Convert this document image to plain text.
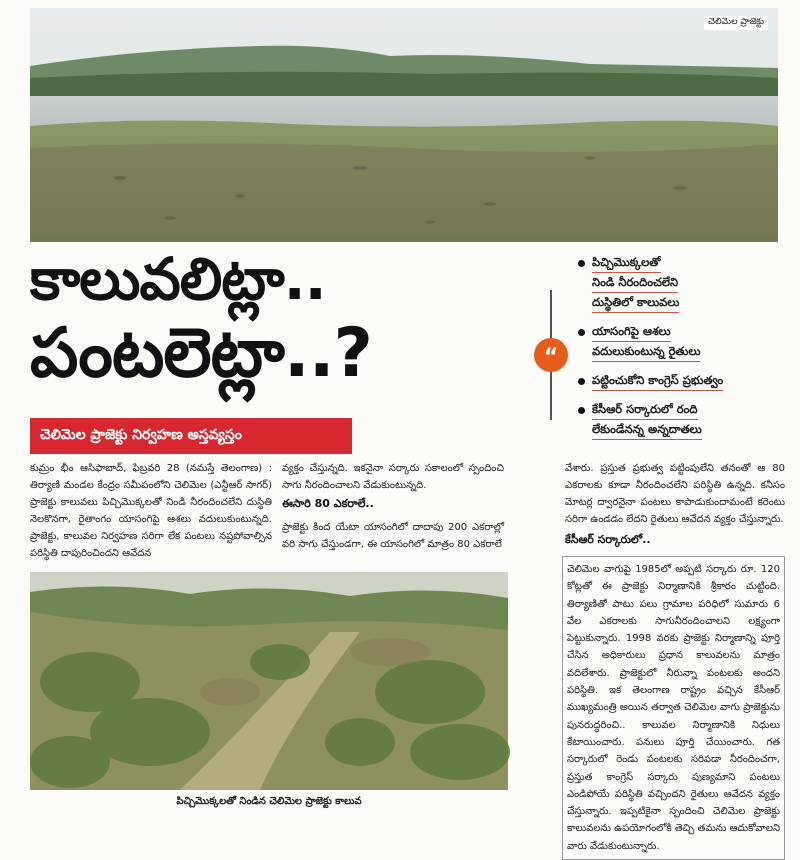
చెలిమెల ప్రాజెక్టు
కాలువలిట్లా..
పంటలెట్లా..?
చెలిమెల ప్రాజెక్టు నిర్వహణ అస్తవ్యస్తం
“
పిచ్చిమొక్కలతో
నిండి నీరందించలేని
దుస్థితిలో కాలువలు
యాసంగిపై ఆశలు
వదులుకుంటున్న రైతులు
పట్టించుకోని కాంగ్రెస్ ప్రభుత్వం
కేసీఆర్ సర్కారులో రంది
లేకుండేనన్న అన్నదాతలు
కుమ్రం భీం ఆసిఫాబాద్, ఫిబ్రవరి 28 (నమస్తే తెలంగాణ) : తిర్యాణి మండల కేంద్రం సమీపంలోని చెలిమెల (ఎన్టీఆర్ సాగర్) ప్రాజెక్టు కాలువలు పిచ్చిమొక్కలతో నిండి నీరందించలేని దుస్థితి నెలకొనగా, రైతాంగం యాసంగిపై ఆశలు వదులుకుంటున్నది. ప్రాజెక్టు, కాలువల నిర్వహణ సరిగా లేక పంటలు నష్టపోవాల్సిన పరిస్థితి దాపురించిందని ఆవేదన
వ్యక్తం చేస్తున్నది. ఇకనైనా సర్కారు సకాలంలో స్పందించి సాగు నీరందించాలని వేడుకుంటున్నది.
ఈసారి 80 ఎకరాలే..
ప్రాజెక్టు కింద యేటా యాసంగిలో దాదాపు 200 ఎకరాల్లో వరి సాగు చేస్తుండగా, ఈ యాసంగిలో మాత్రం 80 ఎకరాలే
వేశారు. ప్రస్తుత ప్రభుత్వ పట్టింపులేని తనంతో ఆ 80 ఎకరాలకు కూడా నీరందించలేని పరిస్థితి ఉన్నది. కనీసం మోటర్ల ద్వారనైనా పంటలు కాపాడుకుందామంటే కరెంటు సరిగా ఉండడం లేదని రైతులు ఆవేదన వ్యక్తం చేస్తున్నారు.
కేసీఆర్ సర్కారులో..
చెలిమెల వాగుపై 1985లో అప్పటి సర్కారు రూ. 120 కోట్లతో ఈ ప్రాజెక్టు నిర్మాణానికి శ్రీకారం చుట్టింది. తిర్యాణితో పాటు పలు గ్రామాల పరిధిలో సుమారు 6 వేల ఎకరాలకు సాగునీరందించాలని లక్ష్యంగా పెట్టుకున్నారు. 1998 వరకు ప్రాజెక్టు నిర్మాణాన్ని పూర్తి చేసిన అధికారులు ప్రధాన కాలువలను మాత్రం వదిలేశారు. ప్రాజెక్టులో నీరున్నా పంటలకు అందని పరిస్థితి. ఇక తెలంగాణ రాష్ట్రం వచ్చిన కేసీఆర్ ముఖ్యమంత్రి అయిన తర్వాత చెలిమెల వాగు ప్రాజెక్టును పునరుద్ధరించి.. కాలువల నిర్మాణానికి నిధులు కేటాయించారు. పనులు పూర్తి చేయించారు. గత సర్కారులో రెండు పంటలకు సరిపడా నీరందించగా, ప్రస్తుత కాంగ్రెస్ సర్కారు పుణ్యమాని పంటలు ఎండిపోయే పరిస్థితి వచ్చిందని రైతులు ఆవేదన వ్యక్తం చేస్తున్నారు. ఇప్పటికైనా స్పందించి చెలిమెల ప్రాజెక్టు కాలువలను ఉపయోగంలోకి తెచ్చి తమను ఆదుకోవాలని వారు వేడుకుంటున్నారు.
పిచ్చిమొక్కలతో నిండిన చెలిమెల ప్రాజెక్టు కాలువ
